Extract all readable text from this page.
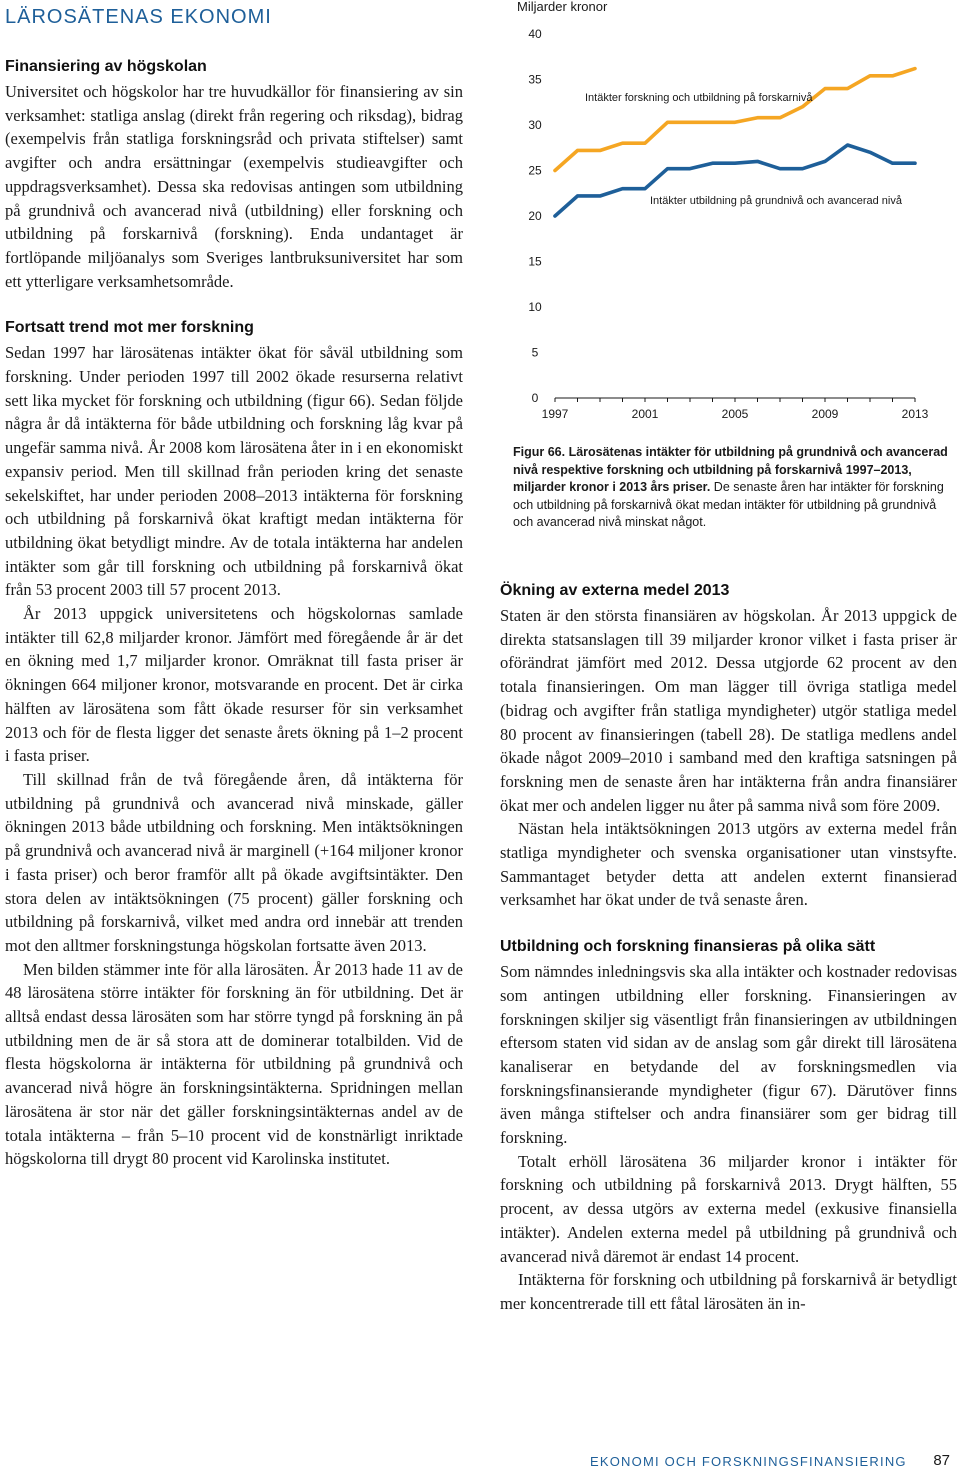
LÄROSÄTENAS EKONOMI
Finansiering av högskolan

Universitet och högskolor har tre huvudkällor för finansiering av sin verksamhet: statliga anslag (direkt från regering och riksdag), bidrag (exempelvis från statliga forskningsråd och privata stiftelser) samt avgifter och andra ersättningar (exempelvis studieavgifter och uppdragsverksamhet). Dessa ska redovisas antingen som utbildning på grundnivå och avancerad nivå (utbildning) eller forskning och utbildning på forskarnivå (forskning). Enda undantaget är fortlöpande miljöanalys som Sveriges lantbruksuniversitet har som ett ytterligare verksamhetsområde.

Fortsatt trend mot mer forskning

Sedan 1997 har lärosätenas intäkter ökat för såväl utbildning som forskning. Under perioden 1997 till 2002 ökade resurserna relativt sett lika mycket för forskning och utbildning (figur 66). Sedan följde några år då intäkterna för både utbildning och forskning låg kvar på ungefär samma nivå. År 2008 kom lärosätena åter in i en ekonomiskt expansiv period. Men till skillnad från perioden kring det senaste sekelskiftet, har under perioden 2008–2013 intäkterna för forskning och utbildning på forskarnivå ökat kraftigt medan intäkterna för utbildning ökat betydligt mindre. Av de totala intäkterna har andelen intäkter som går till forskning och utbildning på forskarnivå ökat från 53 procent 2003 till 57 procent 2013.

År 2013 uppgick universitetens och högskolornas samlade intäkter till 62,8 miljarder kronor. Jämfört med föregående år är det en ökning med 1,7 miljarder kronor. Omräknat till fasta priser är ökningen 664 miljoner kronor, motsvarande en procent. Det är cirka hälften av lärosätena som fått ökade resurser för sin verksamhet 2013 och för de flesta ligger det senaste årets ökning på 1–2 procent i fasta priser.

Till skillnad från de två föregående åren, då intäkterna för utbildning på grundnivå och avancerad nivå minskade, gäller ökningen 2013 både utbildning och forskning. Men intäktsökningen på grundnivå och avancerad nivå är marginell (+164 miljoner kronor i fasta priser) och beror framför allt på ökade avgiftsintäkter. Den stora delen av intäktsökningen (75 procent) gäller forskning och utbildning på forskarnivå, vilket med andra ord innebär att trenden mot den alltmer forskningstunga högskolan fortsatte även 2013.

Men bilden stämmer inte för alla lärosäten. År 2013 hade 11 av de 48 lärosätena större intäkter för forskning än för utbildning. Det är alltså endast dessa lärosäten som har större tyngd på forskning än på utbildning men de är så stora att de dominerar totalbilden. Vid de flesta högskolorna är intäkterna för utbildning på grundnivå och avancerad nivå högre än forskningsintäkterna. Spridningen mellan lärosätena är stor när det gäller forskningsintäkternas andel av de totala intäkterna – från 5–10 procent vid de konstnärligt inriktade högskolorna till drygt 80 procent vid Karolinska institutet.

0
5
10
15
20
25
30
35
40
1997	2001	2005	2009	2013
Miljarder kronor
Intäkter forskning och utbildning på forskarnivå
Intäkter utbildning på grundnivå och avancerad nivå
Figur 66. Lärosätenas intäkter för utbildning på grundnivå och avancerad nivå respektive forskning och utbildning på forskarnivå 1997–2013, miljarder kronor i 2013 års priser. De senaste åren har intäkter för forskning och utbildning på forskarnivå ökat medan intäkter för utbildning på grundnivå och avancerad nivå minskat något.
Ökning av externa medel 2013

Staten är den största finansiären av högskolan. År 2013 uppgick de direkta statsanslagen till 39 miljarder kronor vilket i fasta priser är oförändrat jämfört med 2012. Dessa utgjorde 62 procent av den totala finansieringen. Om man lägger till övriga statliga medel (bidrag och avgifter från statliga myndigheter) utgör statliga medel 80 procent av finansieringen (tabell 28). De statliga medlens andel ökade något 2009–2010 i samband med den kraftiga satsningen på forskning men de senaste åren har intäkterna från andra finansiärer ökat mer och andelen ligger nu åter på samma nivå som före 2009.

Nästan hela intäktsökningen 2013 utgörs av externa medel från statliga myndigheter och svenska organisationer utan vinstsyfte. Sammantaget betyder detta att andelen externt finansierad verksamhet har ökat under de två senaste åren.

Utbildning och forskning finansieras på olika sätt

Som nämndes inledningsvis ska alla intäkter och kostnader redovisas som antingen utbildning eller forskning. Finansieringen av forskningen skiljer sig väsentligt från finansieringen av utbildningen eftersom staten vid sidan av de anslag som går direkt till lärosätena kanaliserar en betydande del av forskningsmedlen via forskningsfinansierande myndigheter (figur 67). Därutöver finns även många stiftelser och andra finansiärer som ger bidrag till forskning.

Totalt erhöll lärosätena 36 miljarder kronor i intäkter för forskning och utbildning på forskarnivå 2013. Drygt hälften, 55 procent, av dessa utgörs av externa medel (exkusive finansiella intäkter). Andelen externa medel på utbildning på grundnivå och avancerad nivå däremot är endast 14 procent.

Intäkterna för forskning och utbildning på forskarnivå är betydligt mer koncentrerade till ett fåtal lärosäten än in-

EKONOMI OCH FORSKNINGSFINANSIERING 87
